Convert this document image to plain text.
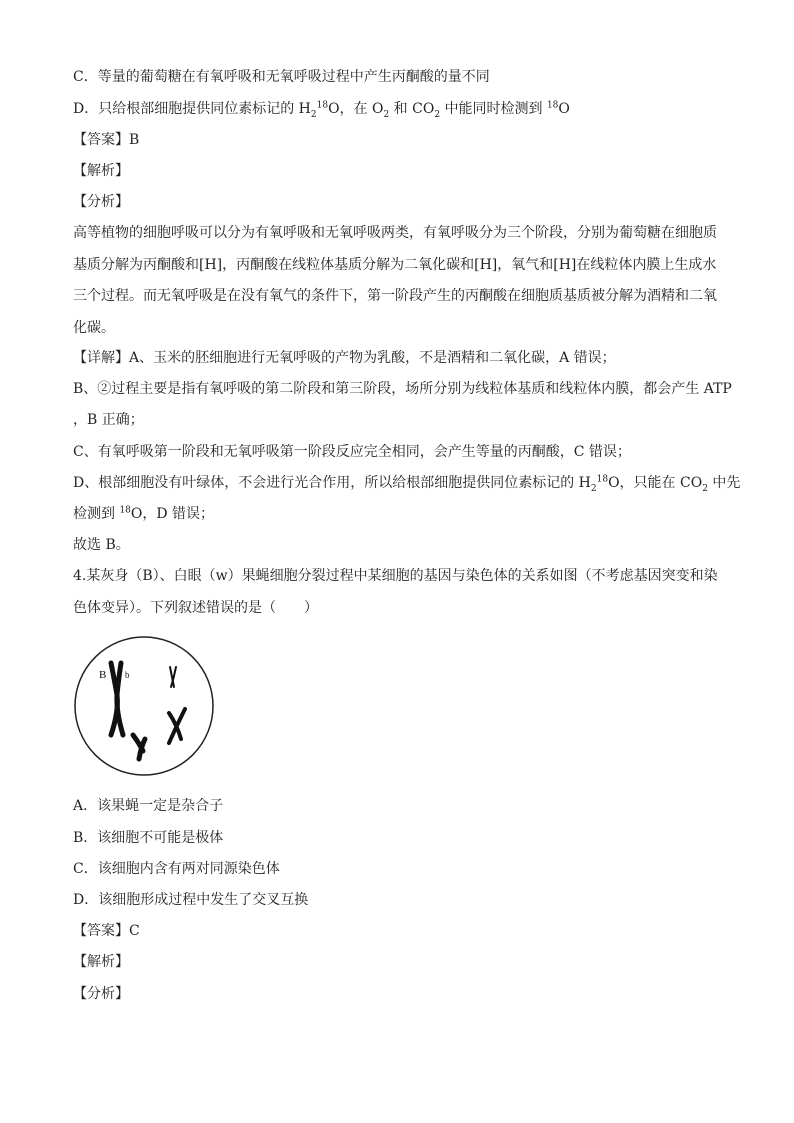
C．等量的葡萄糖在有氧呼吸和无氧呼吸过程中产生丙酮酸的量不同
D．只给根部细胞提供同位素标记的 $H_2^{18}O$，在 $O_2$ 和 $CO_2$ 中能同时检测到 $^{18}$O
【答案】B
【解析】
【分析】
高等植物的细胞呼吸可以分为有氧呼吸和无氧呼吸两类，有氧呼吸分为三个阶段，分别为葡萄糖在细胞质基质分解为丙酮酸和[H]，丙酮酸在线粒体基质分解为二氧化碳和[H]，氧气和[H]在线粒体内膜上生成水三个过程。而无氧呼吸是在没有氧气的条件下，第一阶段产生的丙酮酸在细胞质基质被分解为酒精和二氧化碳。
【详解】A、玉米的胚细胞进行无氧呼吸的产物为乳酸，不是酒精和二氧化碳，A 错误；
B、②过程主要是指有氧呼吸的第二阶段和第三阶段，场所分别为线粒体基质和线粒体内膜，都会产生 ATP
，B 正确；
C、有氧呼吸第一阶段和无氧呼吸第一阶段反应完全相同，会产生等量的丙酮酸，C 错误；
D、根部细胞没有叶绿体，不会进行光合作用，所以给根部细胞提供同位素标记的 $H_2^{18}O$，只能在 $CO_2$ 中先
检测到 $^{18}$O，D 错误；
故选 B。
4.某灰身（B）、白眼（w）果蝇细胞分裂过程中某细胞的基因与染色体的关系如图（不考虑基因突变和染色体变异）。下列叙述错误的是（　　）
B b
A．该果蝇一定是杂合子
B．该细胞不可能是极体
C．该细胞内含有两对同源染色体
D．该细胞形成过程中发生了交叉互换
【答案】C
【解析】
【分析】
